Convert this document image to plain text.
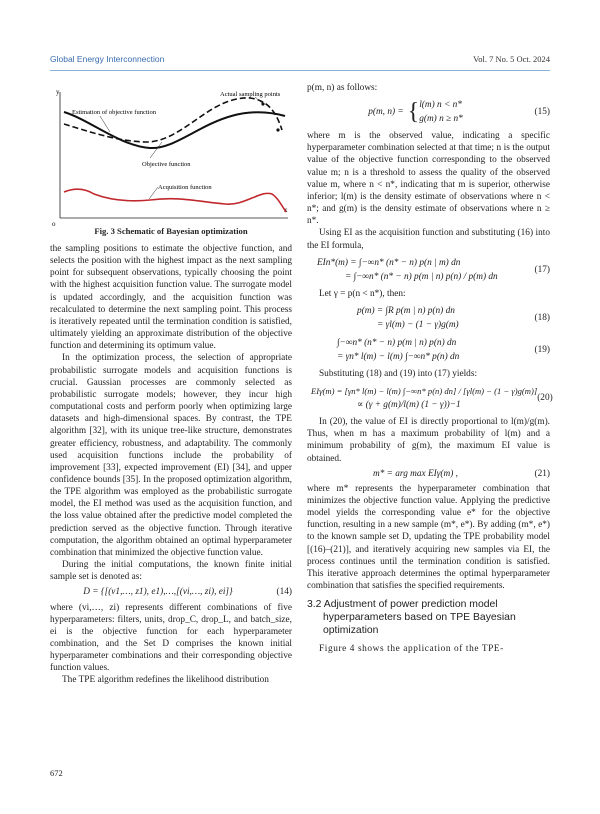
Global Energy Interconnection	Vol. 7 No. 5 Oct. 2024
y
x
o
Actual sampling points
Estimation of objective function
Objective function
Acquisition function
Fig. 3 Schematic of Bayesian optimization

the sampling positions to estimate the objective function, and selects the position with the highest impact as the next sampling point for subsequent observations, typically choosing the point with the highest acquisition function value. The surrogate model is updated accordingly, and the acquisition function was recalculated to determine the next sampling point. This process is iteratively repeated until the termination condition is satisfied, ultimately yielding an approximate distribution of the objective function and determining its optimum value.

In the optimization process, the selection of appropriate probabilistic surrogate models and acquisition functions is crucial. Gaussian processes are commonly selected as probabilistic surrogate models; however, they incur high computational costs and perform poorly when optimizing large datasets and high-dimensional spaces. By contrast, the TPE algorithm [32], with its unique tree-like structure, demonstrates greater efficiency, robustness, and adaptability. The commonly used acquisition functions include the probability of improvement [33], expected improvement (EI) [34], and upper confidence bounds [35]. In the proposed optimization algorithm, the TPE algorithm was employed as the probabilistic surrogate model, the EI method was used as the acquisition function, and the loss value obtained after the predictive model completed the prediction served as the objective function. Through iterative computation, the algorithm obtained an optimal hyperparameter combination that minimized the objective function value.

During the initial computations, the known finite initial sample set is denoted as:

D = {[(v1,…, z1), e1),…,[(vi,…, zi), ei]}	(14)

where (vi,…, zi) represents different combinations of five hyperparameters: filters, units, drop_C, drop_L, and batch_size, ei is the objective function for each hyperparameter combination, and the Set D comprises the known initial hyperparameter combinations and their corresponding objective function values.

The TPE algorithm redefines the likelihood distribution

p(m, n) as follows:

p(m, n) = { l(m) n < n*
g(m) n ≥ n*
(15)

where m is the observed value, indicating a specific hyperparameter combination selected at that time; n is the output value of the objective function corresponding to the observed value m; n is a threshold to assess the quality of the observed value m, where n < n*, indicating that m is superior, otherwise inferior; l(m) is the density estimate of observations where n < n*; and g(m) is the density estimate of observations where n ≥ n*.

Using EI as the acquisition function and substituting (16) into the EI formula,

EIn*(m) = ∫−∞n* (n* − n) p(n | m) dn
= ∫−∞n* (n* − n) p(m | n) p(n) / p(m) dn
(17)

Let γ = p(n < n*), then:

p(m) = ∫R p(m | n) p(n) dn
= γl(m) − (1 − γ)g(m)
(18)
∫−∞n* (n* − n) p(m | n) p(n) dn
= γn* l(m) − l(m) ∫−∞n* p(n) dn
(19)

Substituting (18) and (19) into (17) yields:

EIγ(m) = [γn* l(m) − l(m) ∫−∞n* p(n) dn] / [γl(m) − (1 − γ)g(m)]
∝ (γ + g(m)/l(m) (1 − γ))−1
(20)

In (20), the value of EI is directly proportional to l(m)/g(m). Thus, when m has a maximum probability of l(m) and a minimum probability of g(m), the maximum EI value is obtained.

m* = arg max EIγ(m) ,	(21)

where m* represents the hyperparameter combination that minimizes the objective function value. Applying the predictive model yields the corresponding value e* for the objective function, resulting in a new sample (m*, e*). By adding (m*, e*) to the known sample set D, updating the TPE probability model [(16)–(21)], and iteratively acquiring new samples via EI, the process continues until the termination condition is satisfied. This iterative approach determines the optimal hyperparameter combination that satisfies the specified requirements.

3.2 Adjustment of power prediction model hyperparameters based on TPE Bayesian optimization

Figure 4 shows the application of the TPE-

672
